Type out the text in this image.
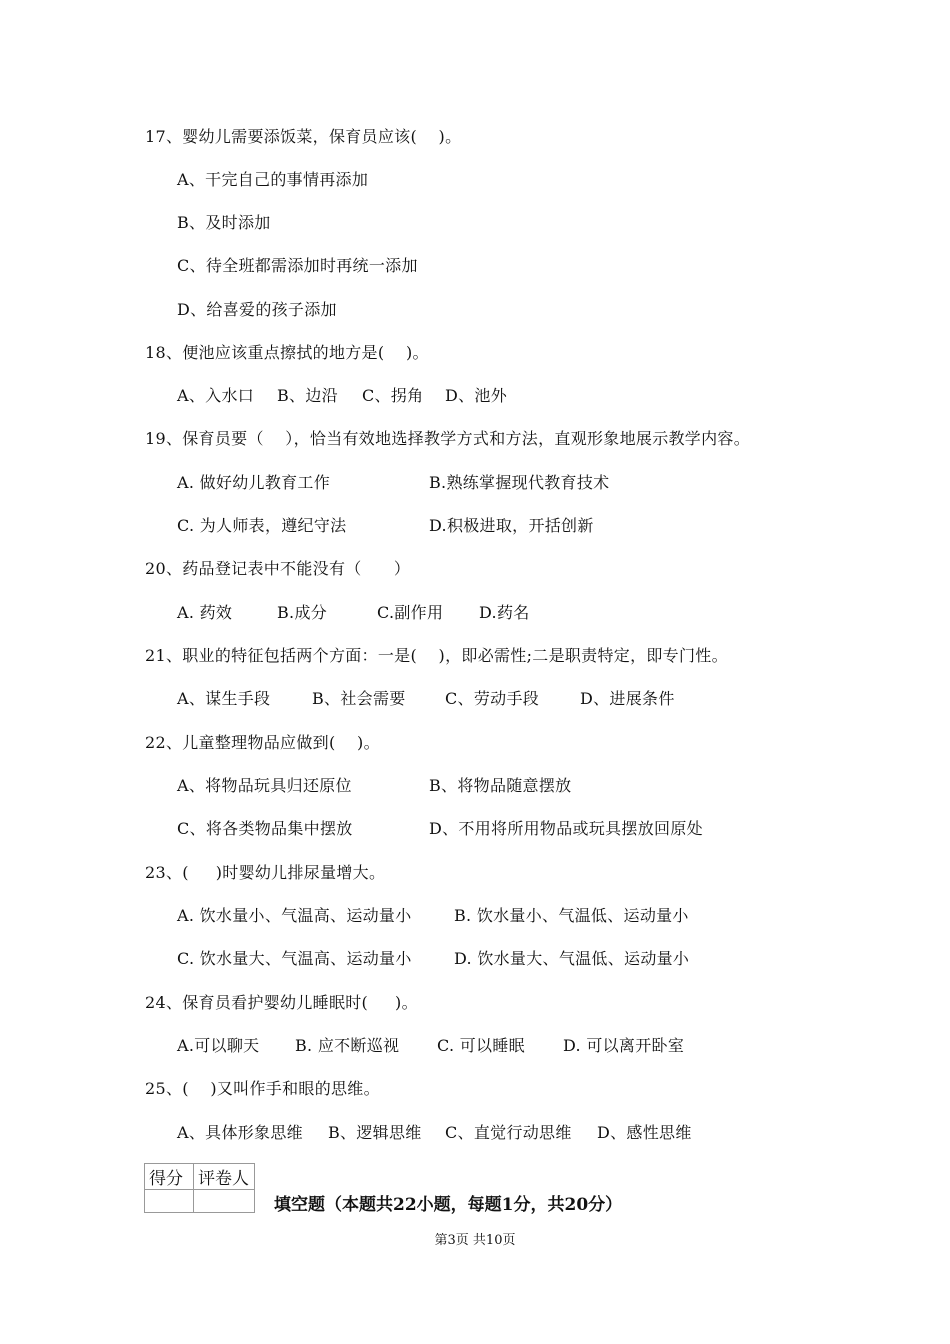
17、婴幼儿需要添饭菜，保育员应该(    )。
A、干完自己的事情再添加
B、及时添加
C、待全班都需添加时再统一添加
D、给喜爱的孩子添加
18、便池应该重点擦拭的地方是(    )。
A、入水口 B、边沿 C、拐角 D、池外
19、保育员要（    ），恰当有效地选择教学方式和方法，直观形象地展示教学内容。
A. 做好幼儿教育工作	B.熟练掌握现代教育技术
C. 为人师表，遵纪守法	D.积极进取，开括创新
20、药品登记表中不能没有（      ）
A. 药效	B.成分	C.副作用 D.药名
21、职业的特征包括两个方面：一是(    )，即必需性;二是职责特定，即专门性。
A、谋生手段	B、社会需要 C、劳动手段	D、进展条件
22、儿童整理物品应做到(    )。
A、将物品玩具归还原位	B、将物品随意摆放
C、将各类物品集中摆放	D、不用将所用物品或玩具摆放回原处
23、(     )时婴幼儿排尿量增大。
A. 饮水量小、气温高、运动量小	B. 饮水量小、气温低、运动量小
C. 饮水量大、气温高、运动量小	D. 饮水量大、气温低、运动量小
24、保育员看护婴幼儿睡眠时(     )。
A.可以聊天 B. 应不断巡视 C. 可以睡眠 D. 可以离开卧室
25、(    )又叫作手和眼的思维。
A、具体形象思维 B、逻辑思维 C、直觉行动思维 D、感性思维
得分	评卷人

填空题（本题共22小题，每题1分，共20分）
第3页 共10页
